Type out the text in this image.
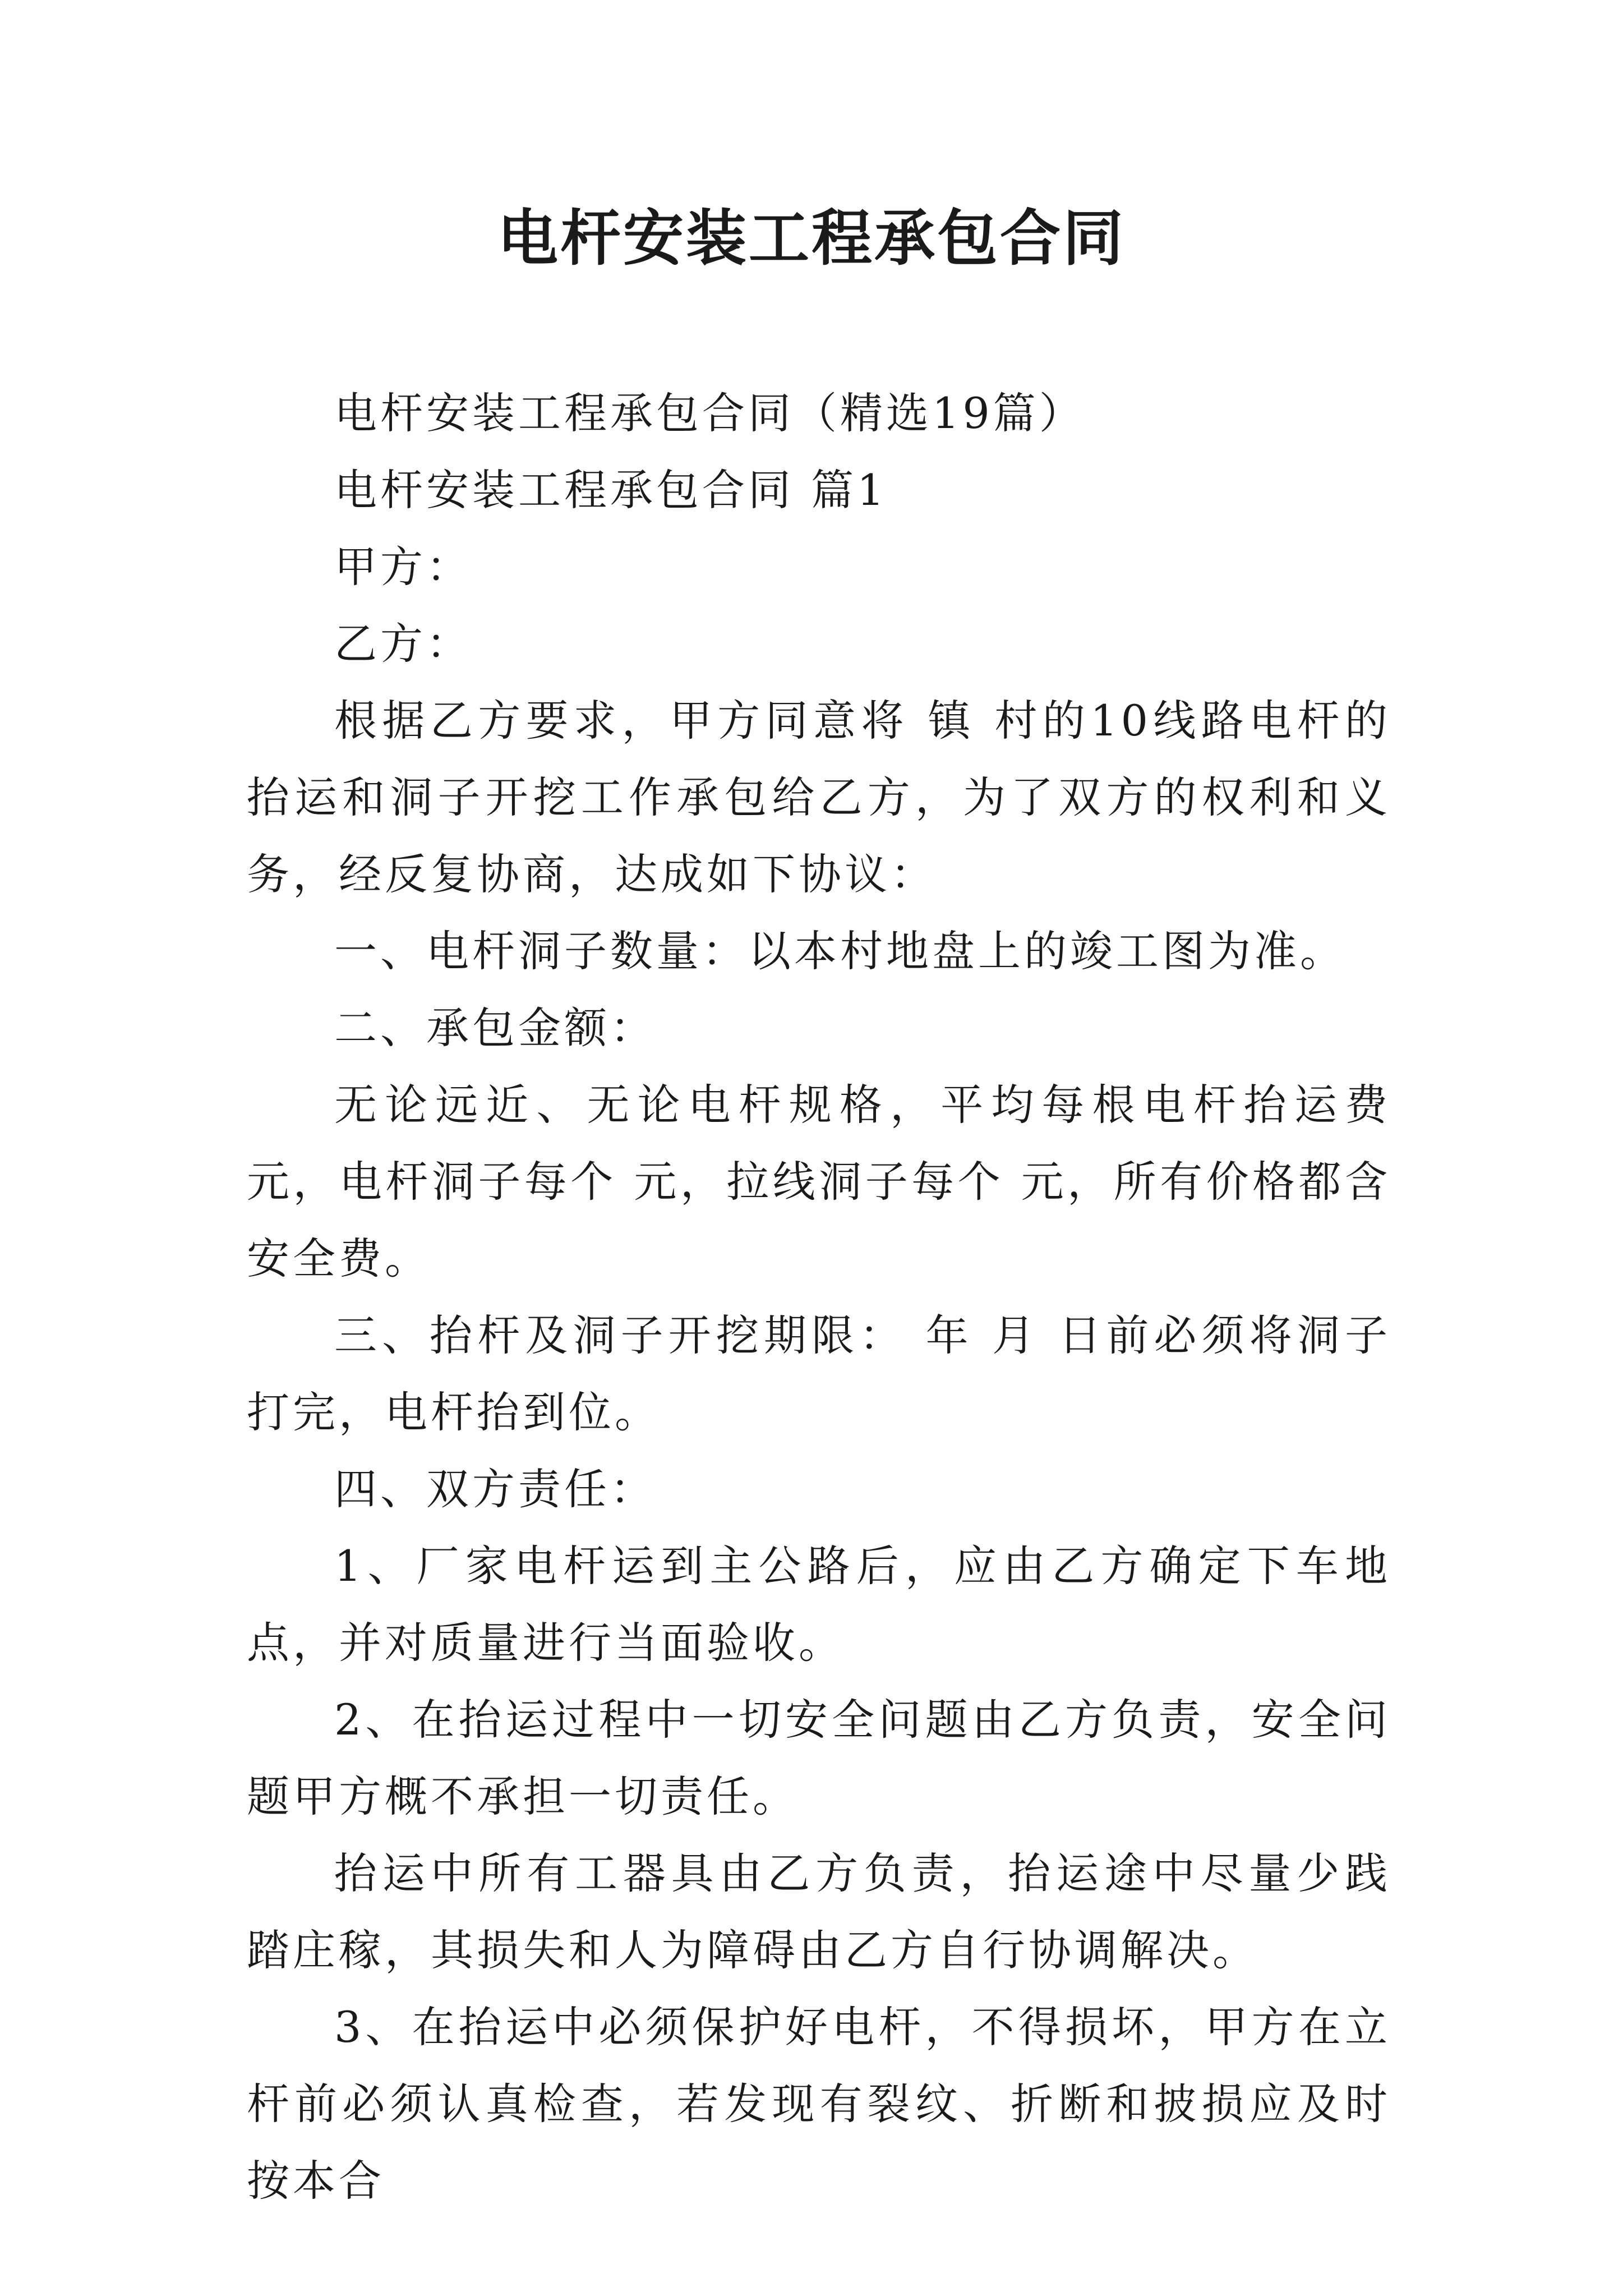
电杆安装工程承包合同

电杆安装工程承包合同（精选19篇）

电杆安装工程承包合同 篇1

甲方：

乙方：

根据乙方要求，甲方同意将 镇 村的10线路电杆的抬运和洞子开挖工作承包给乙方，为了双方的权利和义务，经反复协商，达成如下协议：

一、电杆洞子数量：以本村地盘上的竣工图为准。

二、承包金额：

无论远近、无论电杆规格，平均每根电杆抬运费 元，电杆洞子每个 元，拉线洞子每个 元，所有价格都含安全费。

三、抬杆及洞子开挖期限： 年 月 日前必须将洞子打完，电杆抬到位。

四、双方责任：

1、厂家电杆运到主公路后，应由乙方确定下车地点，并对质量进行当面验收。

2、在抬运过程中一切安全问题由乙方负责，安全问题甲方概不承担一切责任。

抬运中所有工器具由乙方负责，抬运途中尽量少践踏庄稼，其损失和人为障碍由乙方自行协调解决。

3、在抬运中必须保护好电杆，不得损坏，甲方在立杆前必须认真检查，若发现有裂纹、折断和披损应及时按本合
